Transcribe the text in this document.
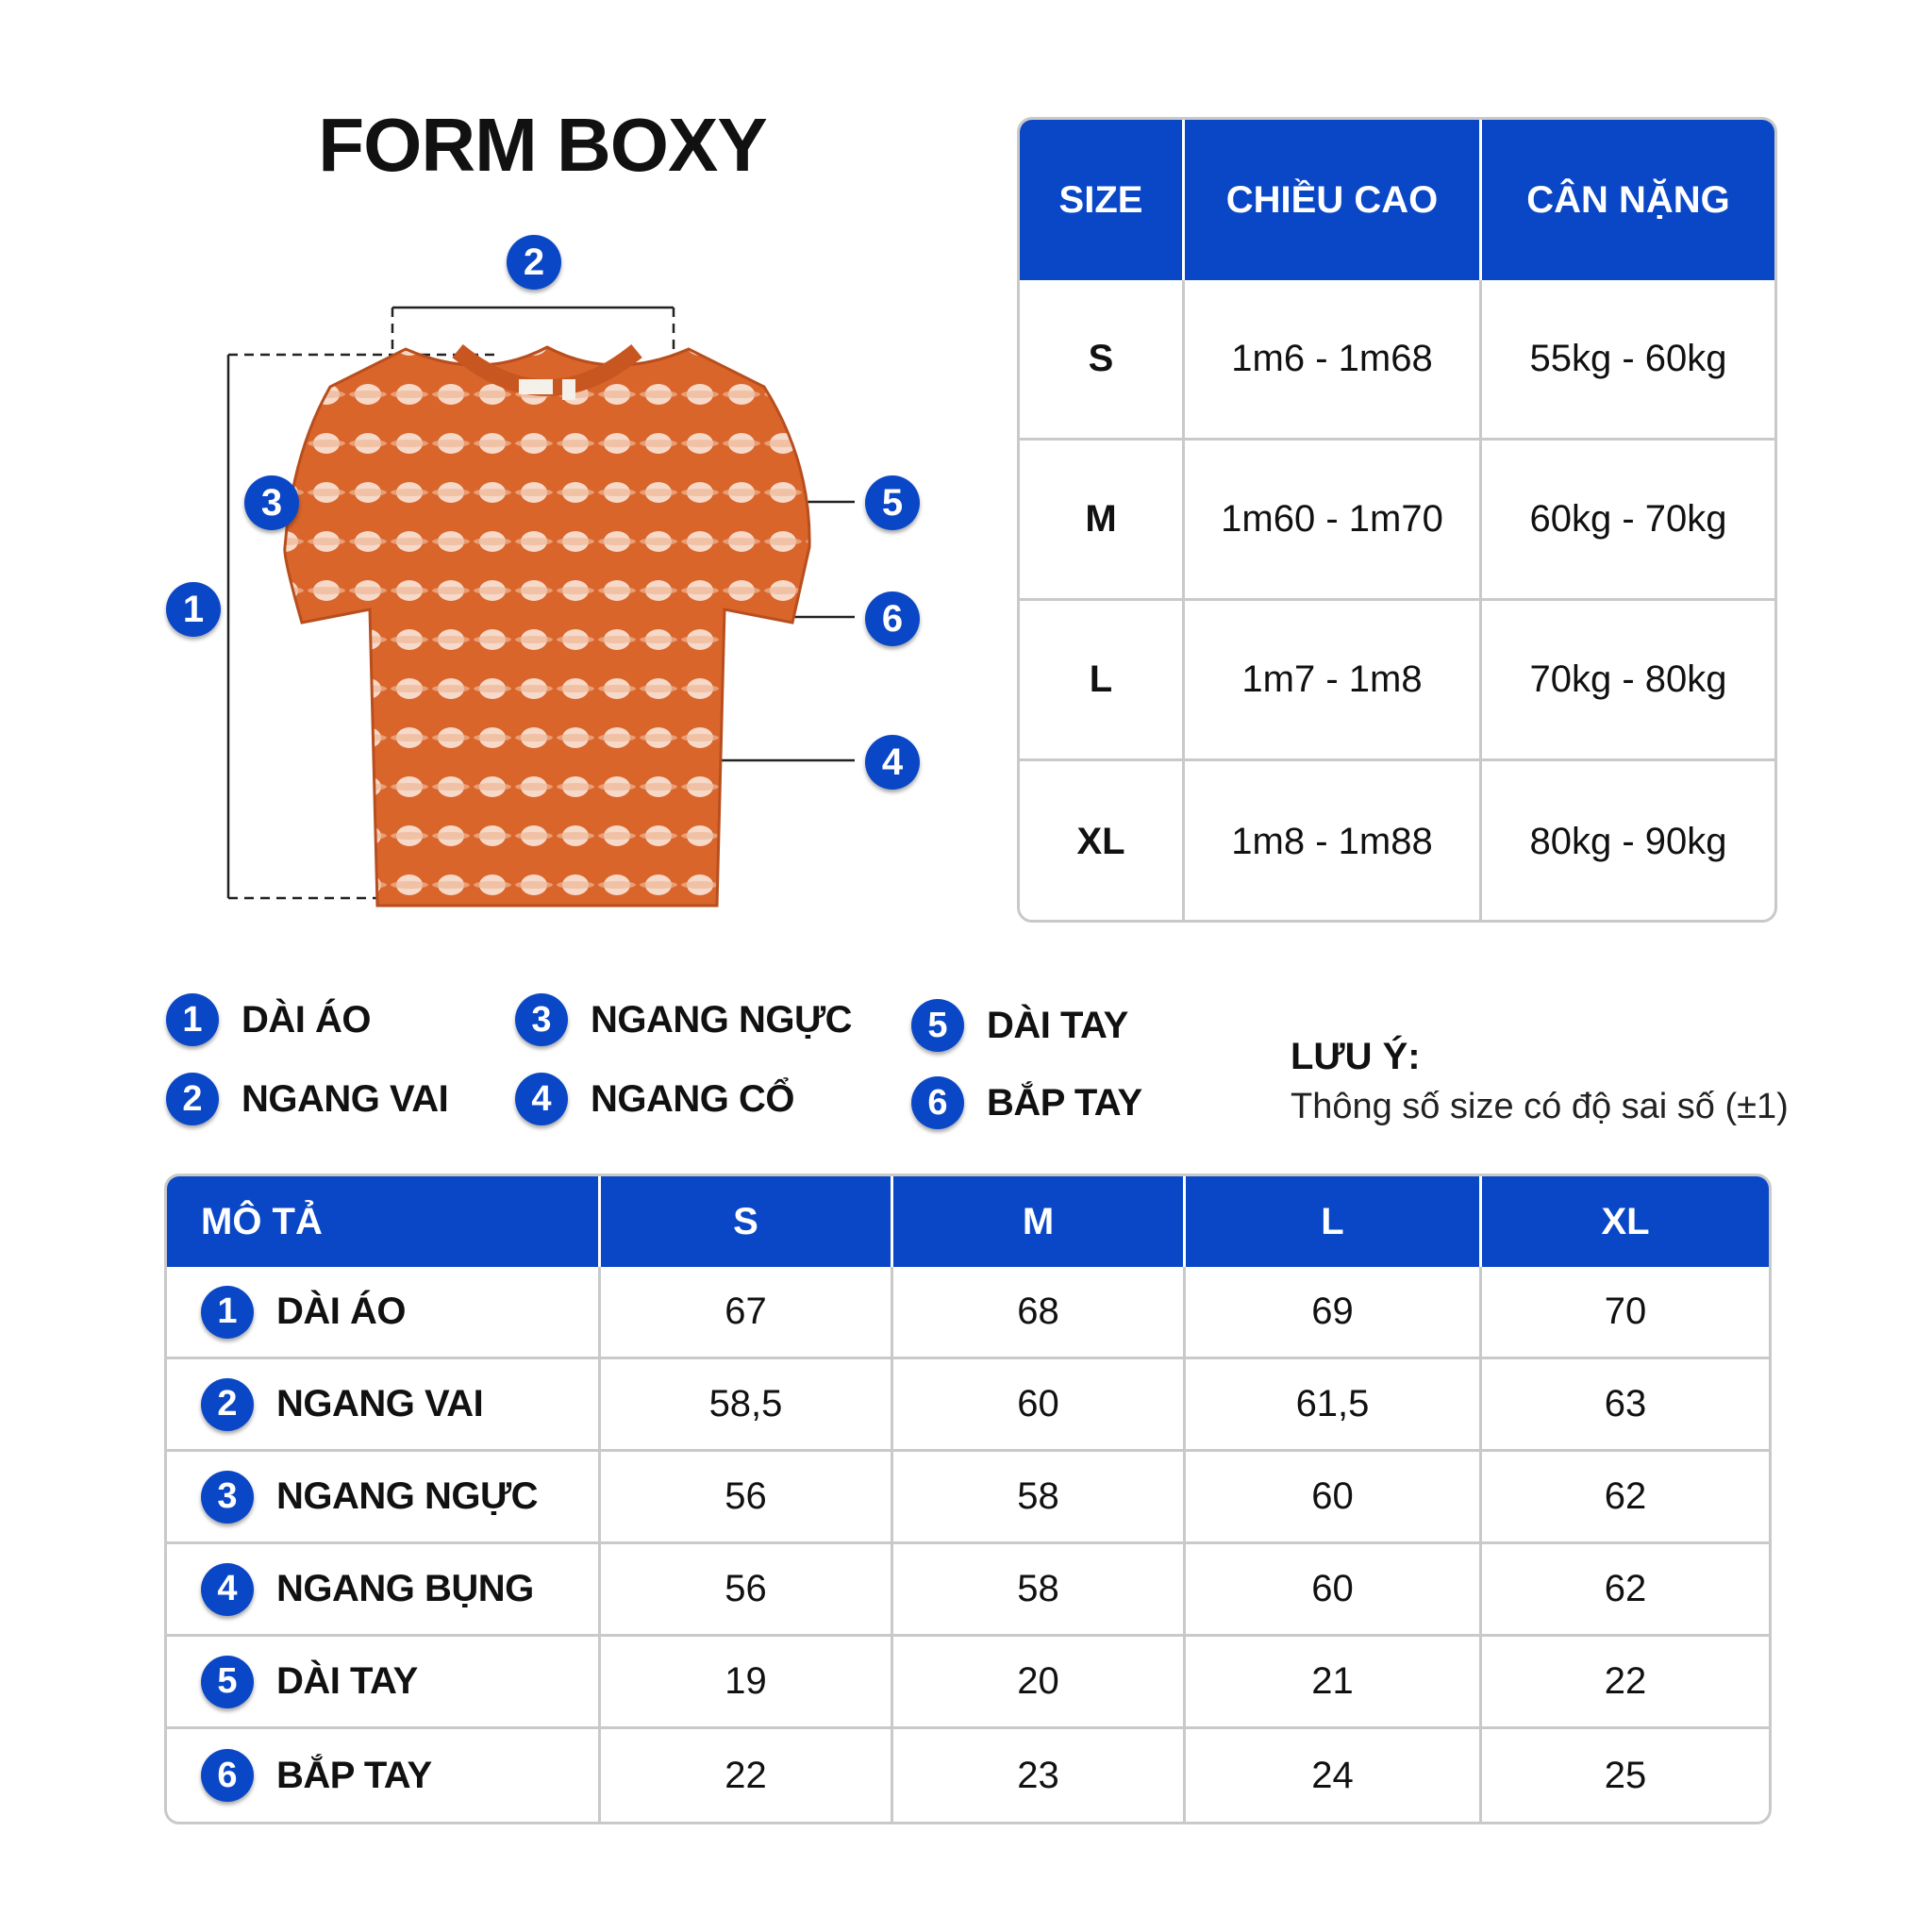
FORM BOXY
2
3
1
5
6
4
SIZE	CHIỀU CAO	CÂN NẶNG
S	1m6 - 1m68	55kg - 60kg
M	1m60 - 1m70	60kg - 70kg
L	1m7 - 1m8	70kg - 80kg
XL	1m8 - 1m88	80kg - 90kg
1	DÀI ÁO
2	NGANG VAI
3	NGANG NGỰC
4	NGANG CỔ
5	DÀI TAY
6	BẮP TAY
LƯU Ý:
Thông số size có độ sai số (±1)
MÔ TẢ	S	M	L	XL
1	DÀI ÁO	67	68	69	70
2	NGANG VAI	58,5	60	61,5	63
3	NGANG NGỰC	56	58	60	62
4	NGANG BỤNG	56	58	60	62
5	DÀI TAY	19	20	21	22
6	BẮP TAY	22	23	24	25
